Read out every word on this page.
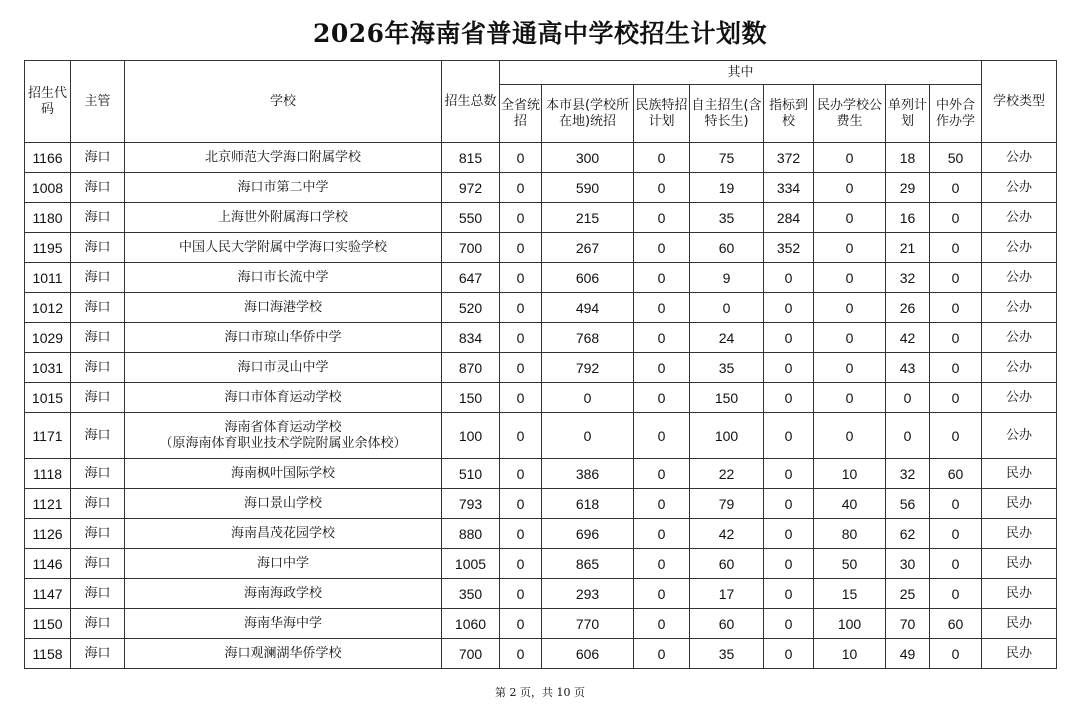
2026年海南省普通高中学校招生计划数
招生代码	主管	学校	招生总数	其中								学校类型
				全省统招	本市县(学校所在地)统招	民族特招计划	自主招生(含特长生)	指标到校	民办学校公费生	单列计划	中外合作办学	
1166	海口	北京师范大学海口附属学校	815	0	300	0	75	372	0	18	50	公办
1008	海口	海口市第二中学	972	0	590	0	19	334	0	29	0	公办
1180	海口	上海世外附属海口学校	550	0	215	0	35	284	0	16	0	公办
1195	海口	中国人民大学附属中学海口实验学校	700	0	267	0	60	352	0	21	0	公办
1011	海口	海口市长流中学	647	0	606	0	9	0	0	32	0	公办
1012	海口	海口海港学校	520	0	494	0	0	0	0	26	0	公办
1029	海口	海口市琼山华侨中学	834	0	768	0	24	0	0	42	0	公办
1031	海口	海口市灵山中学	870	0	792	0	35	0	0	43	0	公办
1015	海口	海口市体育运动学校	150	0	0	0	150	0	0	0	0	公办
1171	海口	海南省体育运动学校
（原海南体育职业技术学院附属业余体校）	100	0	0	0	100	0	0	0	0	公办
1118	海口	海南枫叶国际学校	510	0	386	0	22	0	10	32	60	民办
1121	海口	海口景山学校	793	0	618	0	79	0	40	56	0	民办
1126	海口	海南昌茂花园学校	880	0	696	0	42	0	80	62	0	民办
1146	海口	海口中学	1005	0	865	0	60	0	50	30	0	民办
1147	海口	海南海政学校	350	0	293	0	17	0	15	25	0	民办
1150	海口	海南华海中学	1060	0	770	0	60	0	100	70	60	民办
1158	海口	海口观澜湖华侨学校	700	0	606	0	35	0	10	49	0	民办
第 2 页，共 10 页
